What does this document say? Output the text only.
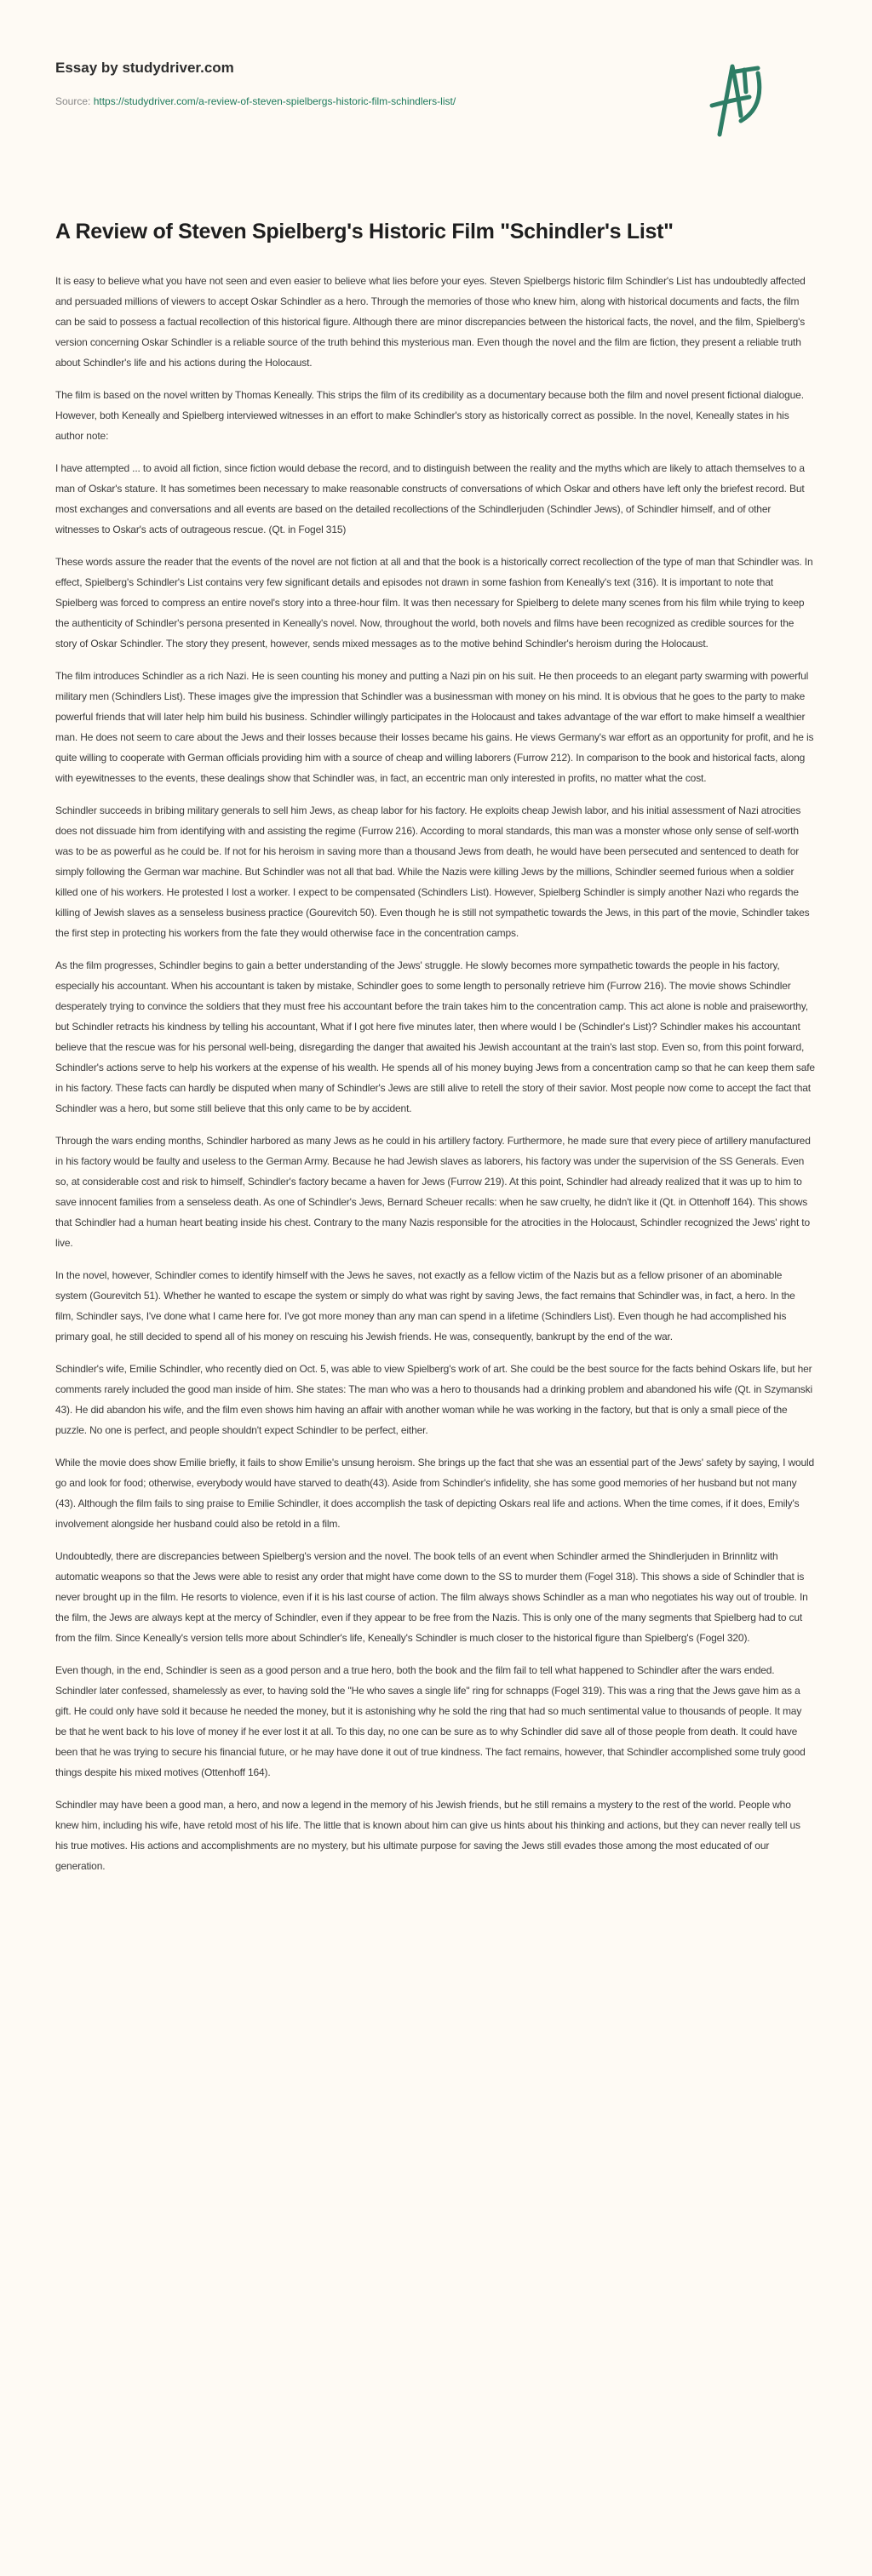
Essay by studydriver.com
Source: https://studydriver.com/a-review-of-steven-spielbergs-historic-film-schindlers-list/
A Review of Steven Spielberg's Historic Film "Schindler's List"

It is easy to believe what you have not seen and even easier to believe what lies before your eyes. Steven Spielbergs historic film Schindler's List has undoubtedly affected and persuaded millions of viewers to accept Oskar Schindler as a hero. Through the memories of those who knew him, along with historical documents and facts, the film can be said to possess a factual recollection of this historical figure. Although there are minor discrepancies between the historical facts, the novel, and the film, Spielberg's version concerning Oskar Schindler is a reliable source of the truth behind this mysterious man. Even though the novel and the film are fiction, they present a reliable truth about Schindler's life and his actions during the Holocaust.

The film is based on the novel written by Thomas Keneally. This strips the film of its credibility as a documentary because both the film and novel present fictional dialogue. However, both Keneally and Spielberg interviewed witnesses in an effort to make Schindler's story as historically correct as possible. In the novel, Keneally states in his author note:

I have attempted ... to avoid all fiction, since fiction would debase the record, and to distinguish between the reality and the myths which are likely to attach themselves to a man of Oskar's stature. It has sometimes been necessary to make reasonable constructs of conversations of which Oskar and others have left only the briefest record. But most exchanges and conversations and all events are based on the detailed recollections of the Schindlerjuden (Schindler Jews), of Schindler himself, and of other witnesses to Oskar's acts of outrageous rescue. (Qt. in Fogel 315)

These words assure the reader that the events of the novel are not fiction at all and that the book is a historically correct recollection of the type of man that Schindler was. In effect, Spielberg's Schindler's List contains very few significant details and episodes not drawn in some fashion from Keneally's text (316). It is important to note that Spielberg was forced to compress an entire novel's story into a three-hour film. It was then necessary for Spielberg to delete many scenes from his film while trying to keep the authenticity of Schindler's persona presented in Keneally's novel. Now, throughout the world, both novels and films have been recognized as credible sources for the story of Oskar Schindler. The story they present, however, sends mixed messages as to the motive behind Schindler's heroism during the Holocaust.

The film introduces Schindler as a rich Nazi. He is seen counting his money and putting a Nazi pin on his suit. He then proceeds to an elegant party swarming with powerful military men (Schindlers List). These images give the impression that Schindler was a businessman with money on his mind. It is obvious that he goes to the party to make powerful friends that will later help him build his business. Schindler willingly participates in the Holocaust and takes advantage of the war effort to make himself a wealthier man. He does not seem to care about the Jews and their losses because their losses became his gains. He views Germany's war effort as an opportunity for profit, and he is quite willing to cooperate with German officials providing him with a source of cheap and willing laborers (Furrow 212). In comparison to the book and historical facts, along with eyewitnesses to the events, these dealings show that Schindler was, in fact, an eccentric man only interested in profits, no matter what the cost.

Schindler succeeds in bribing military generals to sell him Jews, as cheap labor for his factory. He exploits cheap Jewish labor, and his initial assessment of Nazi atrocities does not dissuade him from identifying with and assisting the regime (Furrow 216). According to moral standards, this man was a monster whose only sense of self-worth was to be as powerful as he could be. If not for his heroism in saving more than a thousand Jews from death, he would have been persecuted and sentenced to death for simply following the German war machine. But Schindler was not all that bad. While the Nazis were killing Jews by the millions, Schindler seemed furious when a soldier killed one of his workers. He protested I lost a worker. I expect to be compensated (Schindlers List). However, Spielberg Schindler is simply another Nazi who regards the killing of Jewish slaves as a senseless business practice (Gourevitch 50). Even though he is still not sympathetic towards the Jews, in this part of the movie, Schindler takes the first step in protecting his workers from the fate they would otherwise face in the concentration camps.

As the film progresses, Schindler begins to gain a better understanding of the Jews' struggle. He slowly becomes more sympathetic towards the people in his factory, especially his accountant. When his accountant is taken by mistake, Schindler goes to some length to personally retrieve him (Furrow 216). The movie shows Schindler desperately trying to convince the soldiers that they must free his accountant before the train takes him to the concentration camp. This act alone is noble and praiseworthy, but Schindler retracts his kindness by telling his accountant, What if I got here five minutes later, then where would I be (Schindler's List)? Schindler makes his accountant believe that the rescue was for his personal well-being, disregarding the danger that awaited his Jewish accountant at the train's last stop. Even so, from this point forward, Schindler's actions serve to help his workers at the expense of his wealth. He spends all of his money buying Jews from a concentration camp so that he can keep them safe in his factory. These facts can hardly be disputed when many of Schindler's Jews are still alive to retell the story of their savior. Most people now come to accept the fact that Schindler was a hero, but some still believe that this only came to be by accident.

Through the wars ending months, Schindler harbored as many Jews as he could in his artillery factory. Furthermore, he made sure that every piece of artillery manufactured in his factory would be faulty and useless to the German Army. Because he had Jewish slaves as laborers, his factory was under the supervision of the SS Generals. Even so, at considerable cost and risk to himself, Schindler's factory became a haven for Jews (Furrow 219). At this point, Schindler had already realized that it was up to him to save innocent families from a senseless death. As one of Schindler's Jews, Bernard Scheuer recalls: when he saw cruelty, he didn't like it (Qt. in Ottenhoff 164). This shows that Schindler had a human heart beating inside his chest. Contrary to the many Nazis responsible for the atrocities in the Holocaust, Schindler recognized the Jews' right to live.

In the novel, however, Schindler comes to identify himself with the Jews he saves, not exactly as a fellow victim of the Nazis but as a fellow prisoner of an abominable system (Gourevitch 51). Whether he wanted to escape the system or simply do what was right by saving Jews, the fact remains that Schindler was, in fact, a hero. In the film, Schindler says, I've done what I came here for. I've got more money than any man can spend in a lifetime (Schindlers List). Even though he had accomplished his primary goal, he still decided to spend all of his money on rescuing his Jewish friends. He was, consequently, bankrupt by the end of the war.

Schindler's wife, Emilie Schindler, who recently died on Oct. 5, was able to view Spielberg's work of art. She could be the best source for the facts behind Oskars life, but her comments rarely included the good man inside of him. She states: The man who was a hero to thousands had a drinking problem and abandoned his wife (Qt. in Szymanski 43). He did abandon his wife, and the film even shows him having an affair with another woman while he was working in the factory, but that is only a small piece of the puzzle. No one is perfect, and people shouldn't expect Schindler to be perfect, either.

While the movie does show Emilie briefly, it fails to show Emilie's unsung heroism. She brings up the fact that she was an essential part of the Jews' safety by saying, I would go and look for food; otherwise, everybody would have starved to death(43). Aside from Schindler's infidelity, she has some good memories of her husband but not many (43). Although the film fails to sing praise to Emilie Schindler, it does accomplish the task of depicting Oskars real life and actions. When the time comes, if it does, Emily's involvement alongside her husband could also be retold in a film.

Undoubtedly, there are discrepancies between Spielberg's version and the novel. The book tells of an event when Schindler armed the Shindlerjuden in Brinnlitz with automatic weapons so that the Jews were able to resist any order that might have come down to the SS to murder them (Fogel 318). This shows a side of Schindler that is never brought up in the film. He resorts to violence, even if it is his last course of action. The film always shows Schindler as a man who negotiates his way out of trouble. In the film, the Jews are always kept at the mercy of Schindler, even if they appear to be free from the Nazis. This is only one of the many segments that Spielberg had to cut from the film. Since Keneally's version tells more about Schindler's life, Keneally's Schindler is much closer to the historical figure than Spielberg's (Fogel 320).

Even though, in the end, Schindler is seen as a good person and a true hero, both the book and the film fail to tell what happened to Schindler after the wars ended. Schindler later confessed, shamelessly as ever, to having sold the "He who saves a single life" ring for schnapps (Fogel 319). This was a ring that the Jews gave him as a gift. He could only have sold it because he needed the money, but it is astonishing why he sold the ring that had so much sentimental value to thousands of people. It may be that he went back to his love of money if he ever lost it at all. To this day, no one can be sure as to why Schindler did save all of those people from death. It could have been that he was trying to secure his financial future, or he may have done it out of true kindness. The fact remains, however, that Schindler accomplished some truly good things despite his mixed motives (Ottenhoff 164).

Schindler may have been a good man, a hero, and now a legend in the memory of his Jewish friends, but he still remains a mystery to the rest of the world. People who knew him, including his wife, have retold most of his life. The little that is known about him can give us hints about his thinking and actions, but they can never really tell us his true motives. His actions and accomplishments are no mystery, but his ultimate purpose for saving the Jews still evades those among the most educated of our generation.
